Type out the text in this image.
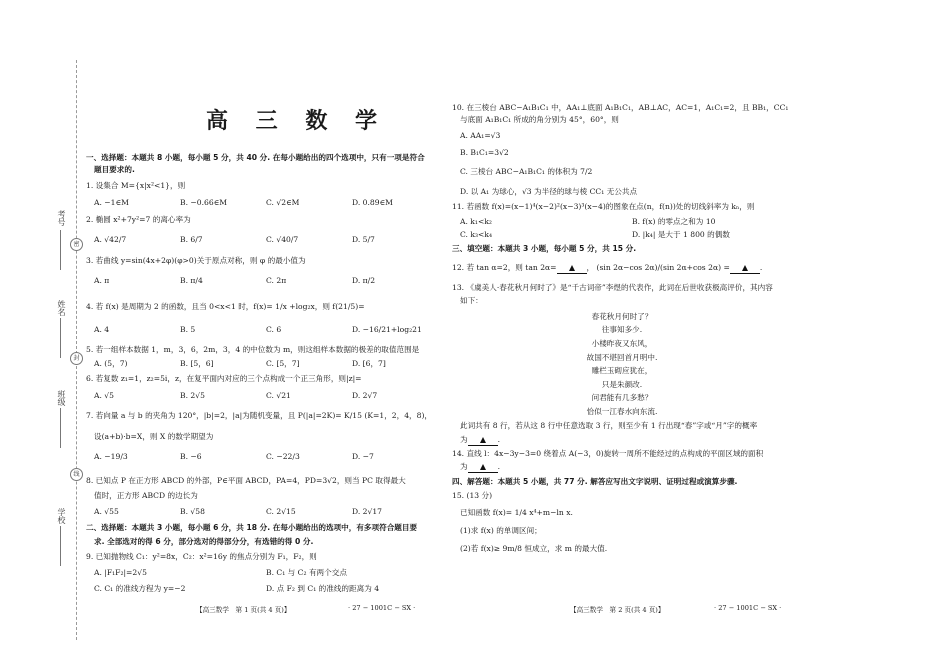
考号
密
姓名
封
班级
线
学校
高 三 数 学
一、选择题：本题共 8 小题，每小题 5 分，共 40 分. 在每小题给出的四个选项中，只有一项是符合
题目要求的.
1. 设集合 M={x|x²<1}，则
A. −1∈M	B. −0.66∈M	C. √2∈M	D. 0.89∈M
2. 椭圆 x²+7y²=7 的离心率为
A. √42/7	B. 6/7	C. √40/7	D. 5/7
3. 若曲线 y=sin(4x+2φ)(φ>0)关于原点对称，则 φ 的最小值为
A. π	B. π/4	C. 2π	D. π/2
4. 若 f(x) 是周期为 2 的函数，且当 0<x<1 时，f(x)= 1/x +log₂x，则 f(21/5)=
A. 4	B. 5	C. 6	D. −16/21+log₂21
5. 若一组样本数据 1，m，3，6，2m，3，4 的中位数为 m，则这组样本数据的极差的取值范围是
A. (5，7)	B. [5，6]	C. [5，7]	D. [6，7]
6. 若复数 z₁=1，z₂=5i，z，在复平面内对应的三个点构成一个正三角形，则|z|=
A. √5	B. 2√5	C. √21	D. 2√7
7. 若向量 a 与 b 的夹角为 120°，|b|=2，|a|为随机变量，且 P(|a|=2K)= K/15 (K=1，2，4，8)，
设(a+b)·b=X，则 X 的数学期望为
A. −19/3	B. −6	C. −22/3	D. −7
8. 已知点 P 在正方形 ABCD 的外部，P∈平面 ABCD，PA=4，PD=3√2，则当 PC 取得最大
值时，正方形 ABCD 的边长为
A. √55	B. √58	C. 2√15	D. 2√17
二、选择题：本题共 3 小题，每小题 6 分，共 18 分. 在每小题给出的选项中，有多项符合题目要
求. 全部选对的得 6 分，部分选对的得部分分，有选错的得 0 分.
9. 已知抛物线 C₁：y²=8x，C₂：x²=16y 的焦点分别为 F₁，F₂，则
A. |F₁F₂|=2√5	B. C₁ 与 C₂ 有两个交点
C. C₁ 的准线方程为 y=−2	D. 点 F₂ 到 C₁ 的准线的距离为 4
【高三数学　第 1 页(共 4 页)】	· 27 − 1001C − SX ·
10. 在三棱台 ABC−A₁B₁C₁ 中，AA₁⊥底面 A₁B₁C₁，AB⊥AC，AC=1，A₁C₁=2，且 BB₁，CC₁
与底面 A₁B₁C₁ 所成的角分别为 45°，60°，则
A. AA₁=√3
B. B₁C₁=3√2
C. 三棱台 ABC−A₁B₁C₁ 的体积为 7/2
D. 以 A₁ 为球心，√3 为半径的球与棱 CC₁ 无公共点
11. 若函数 f(x)=(x−1)⁴(x−2)²(x−3)³(x−4)的图象在点(n，f(n))处的切线斜率为 kₙ，则
A. k₁<k₂	B. f(x) 的零点之和为 10
C. k₃<k₄	D. |k₄| 是大于 1 800 的偶数
三、填空题：本题共 3 小题，每小题 5 分，共 15 分.
12. 若 tan α=2，则 tan 2α=	， (sin 2α−cos 2α)/(sin 2α+cos 2α) =	.
13. 《虞美人·春花秋月何时了》是“千古词帝”李煜的代表作，此词在后世收获极高评价，其内容
如下：
春花秋月何时了？
往事知多少.
小楼昨夜又东风，
故国不堪回首月明中.
雕栏玉砌应犹在，
只是朱颜改.
问君能有几多愁？
恰似一江春水向东流.
此词共有 8 行，若从这 8 行中任意选取 3 行，则至少有 1 行出现“春”字或“月”字的概率
为	.
14. 直线 l：4x−3y−3=0 绕着点 A(−3，0)旋转一周所不能经过的点构成的平面区域的面积
为	.
四、解答题：本题共 5 小题，共 77 分. 解答应写出文字说明、证明过程或演算步骤.
15. (13 分)
已知函数 f(x)= 1/4 x⁴+m−ln x.
(1)求 f(x) 的单调区间；
(2)若 f(x)≥ 9m/8 恒成立，求 m 的最大值.
【高三数学　第 2 页(共 4 页)】	· 27 − 1001C − SX ·
